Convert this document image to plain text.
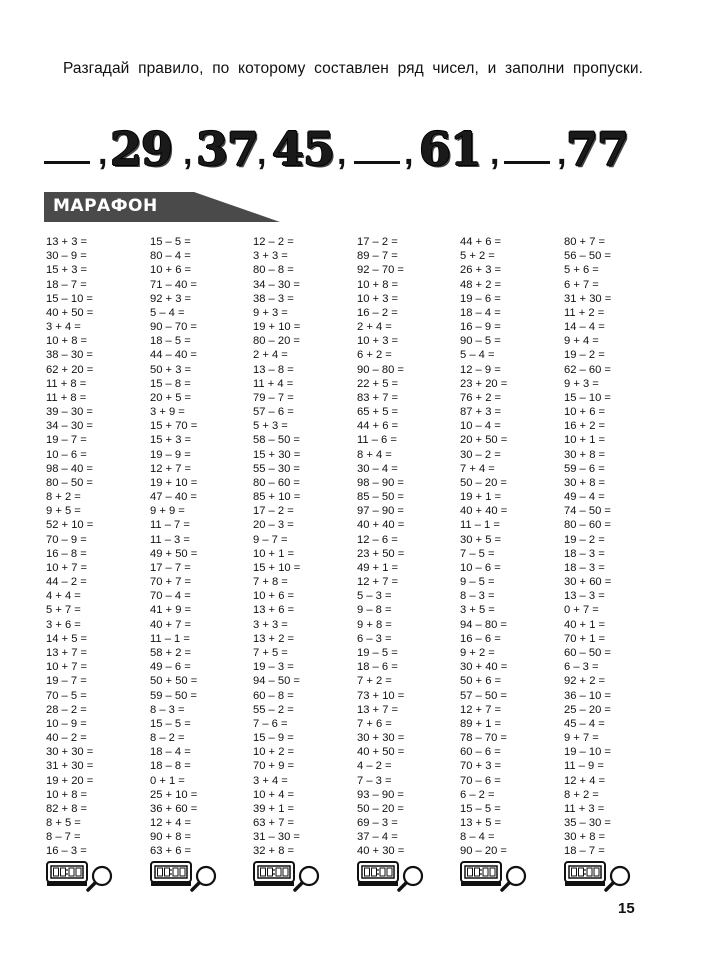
Разгадай правило, по которому составлен ряд чисел, и заполни пропуски.
, 29 , 37
, 45 , , 61 , , 77
МАРАФОН
13 + 3 =
30 – 9 =
15 + 3 =
18 – 7 =
15 – 10 =
40 + 50 =
3 + 4 =
10 + 8 =
38 – 30 =
62 + 20 =
11 + 8 =
11 + 8 =
39 – 30 =
34 – 30 =
19 – 7 =
10 – 6 =
98 – 40 =
80 – 50 =
8 + 2 =
9 + 5 =
52 + 10 =
70 – 9 =
16 – 8 =
10 + 7 =
44 – 2 =
4 + 4 =
5 + 7 =
3 + 6 =
14 + 5 =
13 + 7 =
10 + 7 =
19 – 7 =
70 – 5 =
28 – 2 =
10 – 9 =
40 – 2 =
30 + 30 =
31 + 30 =
19 + 20 =
10 + 8 =
82 + 8 =
8 + 5 =
8 – 7 =
16 – 3 =
15 – 5 =
80 – 4 =
10 + 6 =
71 – 40 =
92 + 3 =
5 – 4 =
90 – 70 =
18 – 5 =
44 – 40 =
50 + 3 =
15 – 8 =
20 + 5 =
3 + 9 =
15 + 70 =
15 + 3 =
19 – 9 =
12 + 7 =
19 + 10 =
47 – 40 =
9 + 9 =
11 – 7 =
11 – 3 =
49 + 50 =
17 – 7 =
70 + 7 =
70 – 4 =
41 + 9 =
40 + 7 =
11 – 1 =
58 + 2 =
49 – 6 =
50 + 50 =
59 – 50 =
8 – 3 =
15 – 5 =
8 – 2 =
18 – 4 =
18 – 8 =
0 + 1 =
25 + 10 =
36 + 60 =
12 + 4 =
90 + 8 =
63 + 6 =
12 – 2 =
3 + 3 =
80 – 8 =
34 – 30 =
38 – 3 =
9 + 3 =
19 + 10 =
80 – 20 =
2 + 4 =
13 – 8 =
11 + 4 =
79 – 7 =
57 – 6 =
5 + 3 =
58 – 50 =
15 + 30 =
55 – 30 =
80 – 60 =
85 + 10 =
17 – 2 =
20 – 3 =
9 – 7 =
10 + 1 =
15 + 10 =
7 + 8 =
10 + 6 =
13 + 6 =
3 + 3 =
13 + 2 =
7 + 5 =
19 – 3 =
94 – 50 =
60 – 8 =
55 – 2 =
7 – 6 =
15 – 9 =
10 + 2 =
70 + 9 =
3 + 4 =
10 + 4 =
39 + 1 =
63 + 7 =
31 – 30 =
32 + 8 =
17 – 2 =
89 – 7 =
92 – 70 =
10 + 8 =
10 + 3 =
16 – 2 =
2 + 4 =
10 + 3 =
6 + 2 =
90 – 80 =
22 + 5 =
83 + 7 =
65 + 5 =
44 + 6 =
11 – 6 =
8 + 4 =
30 – 4 =
98 – 90 =
85 – 50 =
97 – 90 =
40 + 40 =
12 – 6 =
23 + 50 =
49 + 1 =
12 + 7 =
5 – 3 =
9 – 8 =
9 + 8 =
6 – 3 =
19 – 5 =
18 – 6 =
7 + 2 =
73 + 10 =
13 + 7 =
7 + 6 =
30 + 30 =
40 + 50 =
4 – 2 =
7 – 3 =
93 – 90 =
50 – 20 =
69 – 3 =
37 – 4 =
40 + 30 =
44 + 6 =
5 + 2 =
26 + 3 =
48 + 2 =
19 – 6 =
18 – 4 =
16 – 9 =
90 – 5 =
5 – 4 =
12 – 9 =
23 + 20 =
76 + 2 =
87 + 3 =
10 – 4 =
20 + 50 =
30 – 2 =
7 + 4 =
50 – 20 =
19 + 1 =
40 + 40 =
11 – 1 =
30 + 5 =
7 – 5 =
10 – 6 =
9 – 5 =
8 – 3 =
3 + 5 =
94 – 80 =
16 – 6 =
9 + 2 =
30 + 40 =
50 + 6 =
57 – 50 =
12 + 7 =
89 + 1 =
78 – 70 =
60 – 6 =
70 + 3 =
70 – 6 =
6 – 2 =
15 – 5 =
13 + 5 =
8 – 4 =
90 – 20 =
80 + 7 =
56 – 50 =
5 + 6 =
6 + 7 =
31 + 30 =
11 + 2 =
14 – 4 =
9 + 4 =
19 – 2 =
62 – 60 =
9 + 3 =
15 – 10 =
10 + 6 =
16 + 2 =
10 + 1 =
30 + 8 =
59 – 6 =
30 + 8 =
49 – 4 =
74 – 50 =
80 – 60 =
19 – 2 =
18 – 3 =
18 – 3 =
30 + 60 =
13 – 3 =
0 + 7 =
40 + 1 =
70 + 1 =
60 – 50 =
6 – 3 =
92 + 2 =
36 – 10 =
25 – 20 =
45 – 4 =
9 + 7 =
19 – 10 =
11 – 9 =
12 + 4 =
8 + 2 =
11 + 3 =
35 – 30 =
30 + 8 =
18 – 7 =
15
